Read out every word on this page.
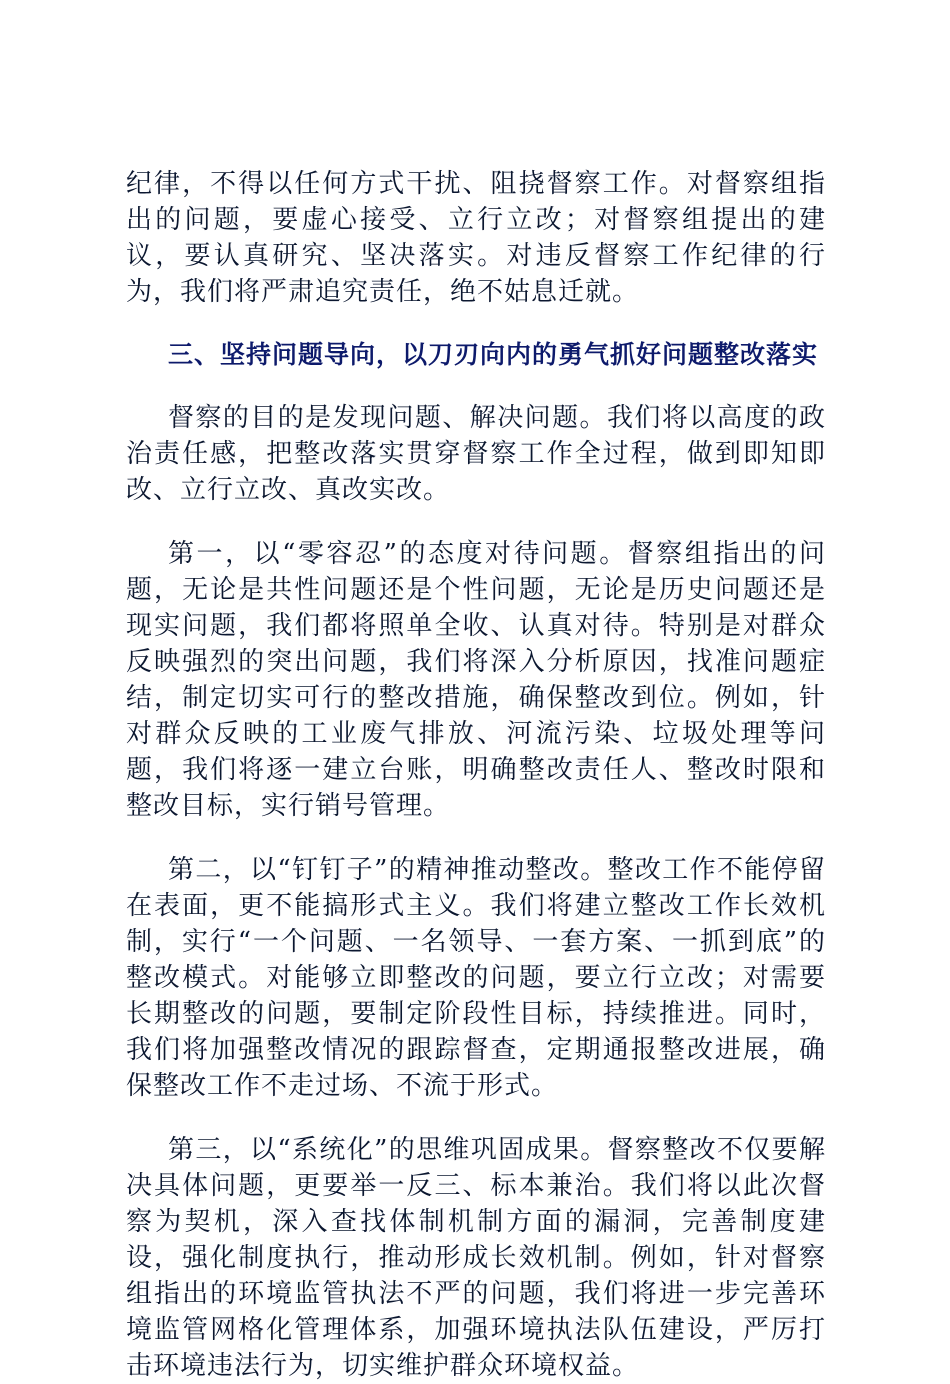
纪律，不得以任何方式干扰、阻挠督察工作。对督察组指出的问题，要虚心接受、立行立改；对督察组提出的建议，要认真研究、坚决落实。对违反督察工作纪律的行为，我们将严肃追究责任，绝不姑息迁就。

三、坚持问题导向，以刀刃向内的勇气抓好问题整改落实

督察的目的是发现问题、解决问题。我们将以高度的政治责任感，把整改落实贯穿督察工作全过程，做到即知即改、立行立改、真改实改。

第一，以“零容忍”的态度对待问题。督察组指出的问题，无论是共性问题还是个性问题，无论是历史问题还是现实问题，我们都将照单全收、认真对待。特别是对群众反映强烈的突出问题，我们将深入分析原因，找准问题症结，制定切实可行的整改措施，确保整改到位。例如，针对群众反映的工业废气排放、河流污染、垃圾处理等问题，我们将逐一建立台账，明确整改责任人、整改时限和整改目标，实行销号管理。

第二，以“钉钉子”的精神推动整改。整改工作不能停留在表面，更不能搞形式主义。我们将建立整改工作长效机制，实行“一个问题、一名领导、一套方案、一抓到底”的整改模式。对能够立即整改的问题，要立行立改；对需要长期整改的问题，要制定阶段性目标，持续推进。同时，我们将加强整改情况的跟踪督查，定期通报整改进展，确保整改工作不走过场、不流于形式。

第三，以“系统化”的思维巩固成果。督察整改不仅要解决具体问题，更要举一反三、标本兼治。我们将以此次督察为契机，深入查找体制机制方面的漏洞，完善制度建设，强化制度执行，推动形成长效机制。例如，针对督察组指出的环境监管执法不严的问题，我们将进一步完善环境监管网格化管理体系，加强环境执法队伍建设，严厉打击环境违法行为，切实维护群众环境权益。
